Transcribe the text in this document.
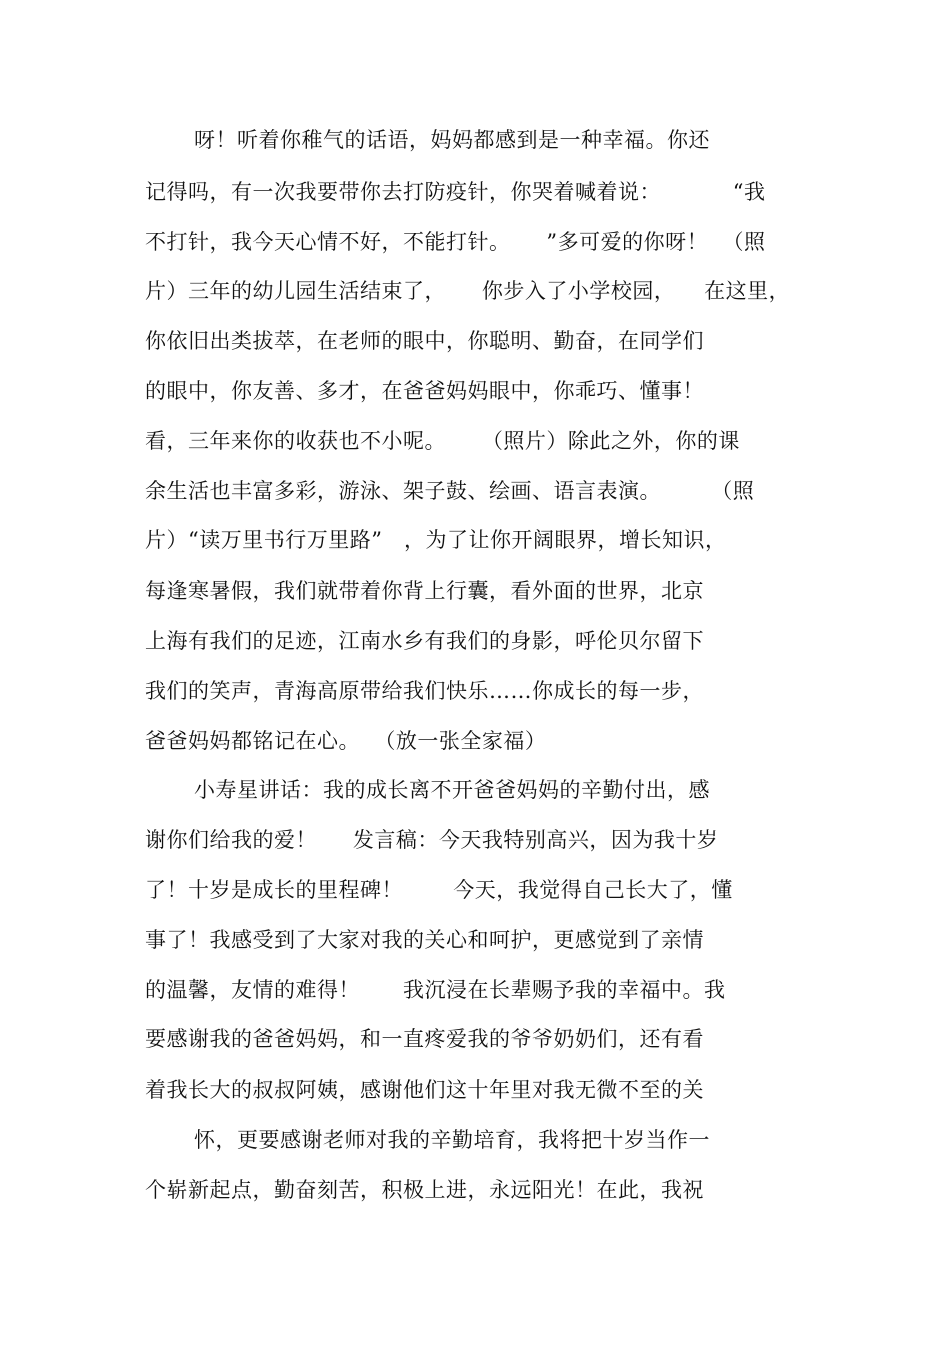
呀！听着你稚气的话语，妈妈都感到是一种幸福。你还
记得吗，有一次我要带你去打防疫针，你哭着喊着说：          “我
不打针，我今天心情不好，不能打针。     ”多可爱的你呀！  （照
片）三年的幼儿园生活结束了，     你步入了小学校园，    在这里，
你依旧出类拔萃，在老师的眼中，你聪明、勤奋，在同学们
的眼中，你友善、多才，在爸爸妈妈眼中，你乖巧、懂事！
看，三年来你的收获也不小呢。     （照片）除此之外，你的课
余生活也丰富多彩，游泳、架子鼓、绘画、语言表演。       （照
片）“读万里书行万里路”   ，为了让你开阔眼界，增长知识，
每逢寒暑假，我们就带着你背上行囊，看外面的世界，北京
上海有我们的足迹，江南水乡有我们的身影，呼伦贝尔留下
我们的笑声，青海高原带给我们快乐……你成长的每一步，
爸爸妈妈都铭记在心。  （放一张全家福）
小寿星讲话：我的成长离不开爸爸妈妈的辛勤付出，感
谢你们给我的爱！     发言稿：今天我特别高兴，因为我十岁
了！十岁是成长的里程碑！       今天，我觉得自己长大了，懂
事了！我感受到了大家对我的关心和呵护，更感觉到了亲情
的温馨，友情的难得！      我沉浸在长辈赐予我的幸福中。我
要感谢我的爸爸妈妈，和一直疼爱我的爷爷奶奶们，还有看
着我长大的叔叔阿姨，感谢他们这十年里对我无微不至的关
怀，更要感谢老师对我的辛勤培育，我将把十岁当作一
个崭新起点，勤奋刻苦，积极上进，永远阳光！在此，我祝
